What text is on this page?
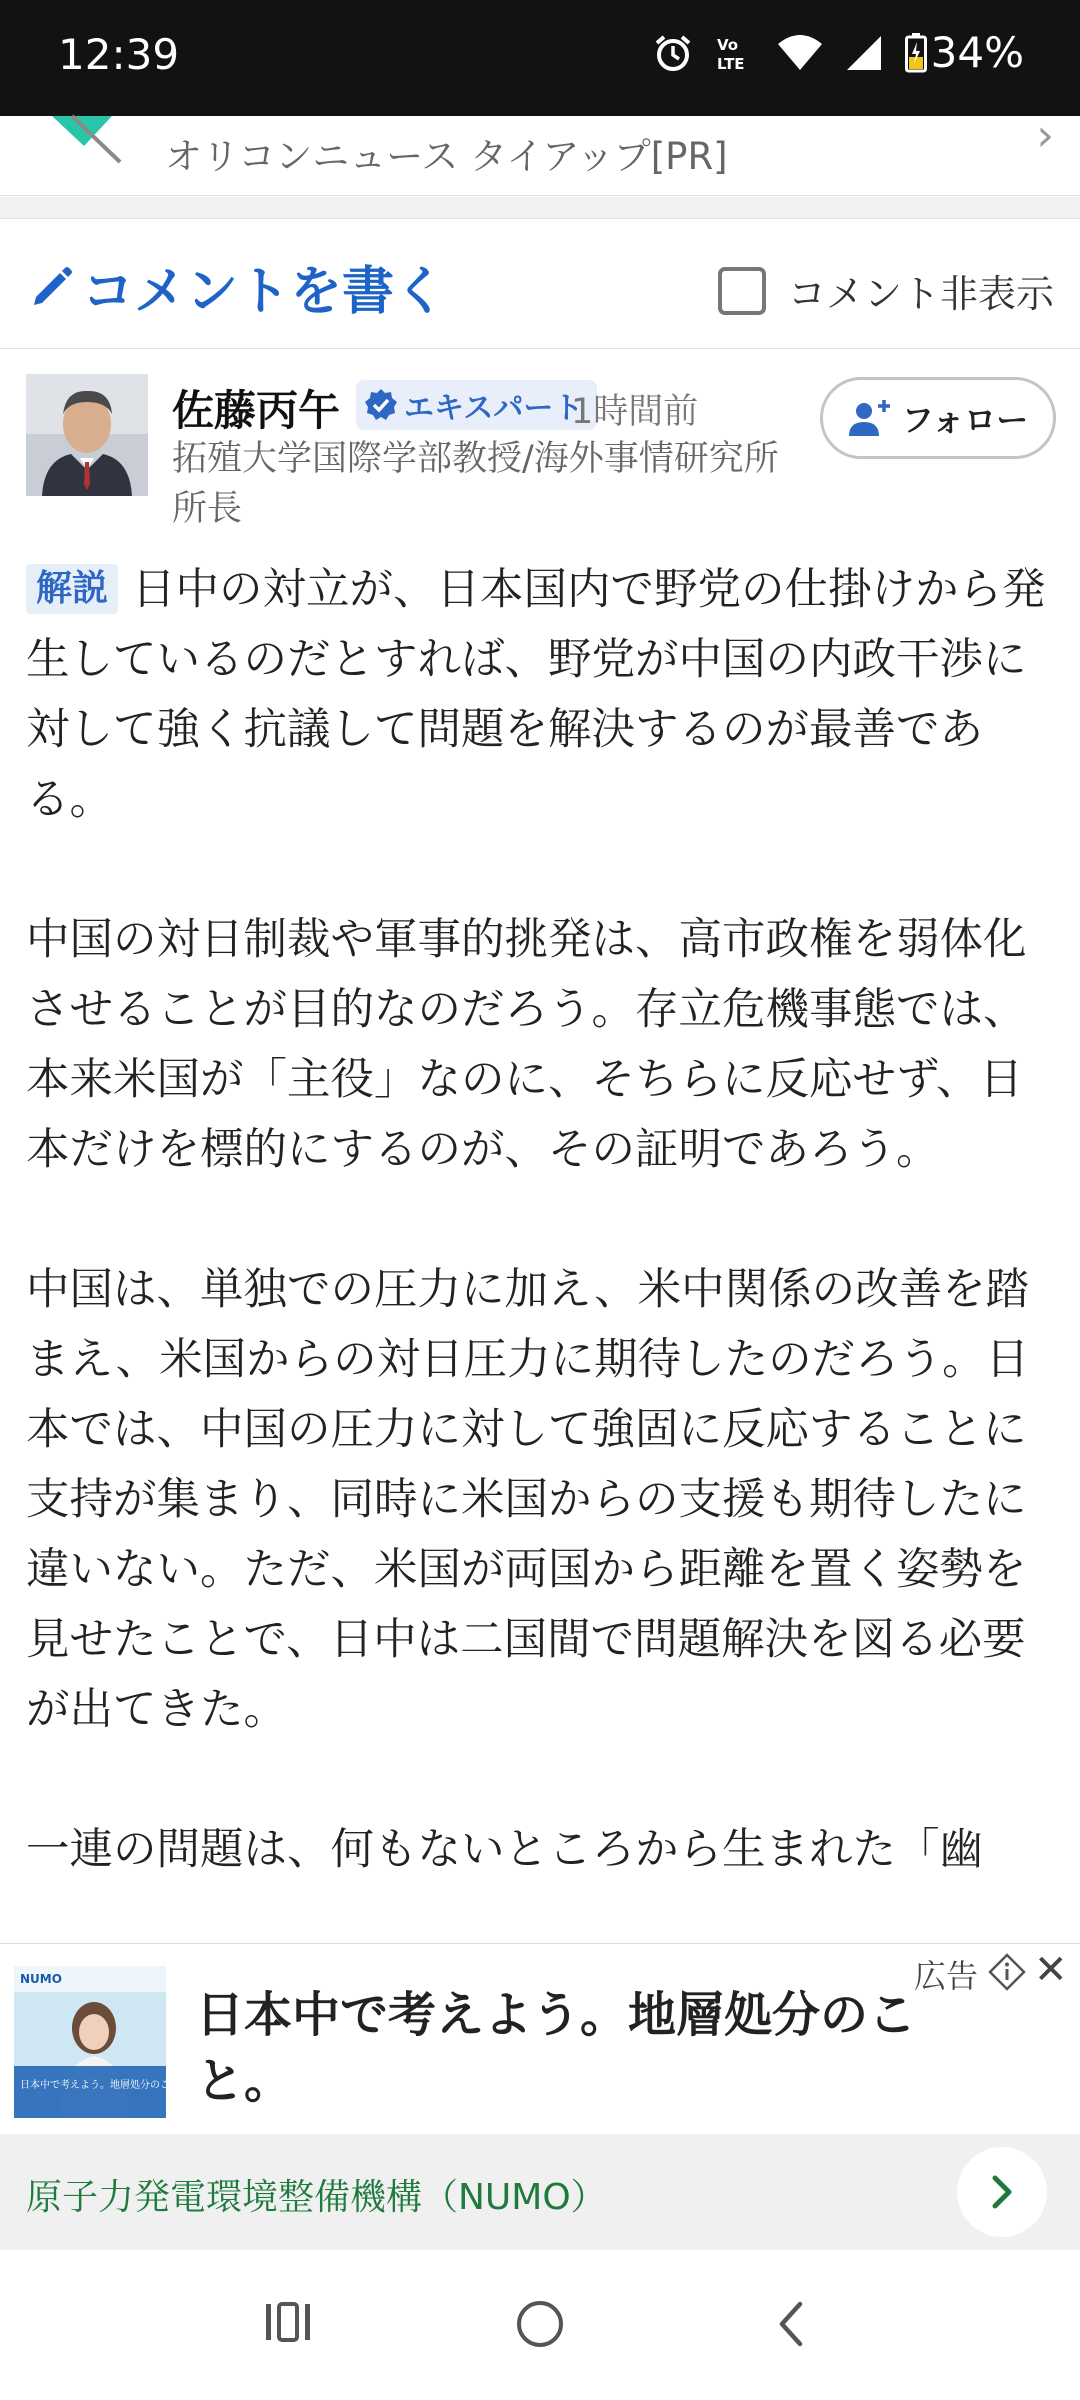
12:39	Vo
LTE	34%
オリコンニュース タイアップ[PR]	›
コメントを書く	コメント非表示
佐藤丙午 エキスパート
1時間前
拓殖大学国際学部教授/海外事情研究所所長
フォロー

解説 日中の対立が、日本国内で野党の仕掛けから発生しているのだとすれば、野党が中国の内政干渉に対して強く抗議して問題を解決するのが最善である。

中国の対日制裁や軍事的挑発は、高市政権を弱体化させることが目的なのだろう。存立危機事態では、本来米国が「主役」なのに、そちらに反応せず、日本だけを標的にするのが、その証明であろう。

中国は、単独での圧力に加え、米中関係の改善を踏まえ、米国からの対日圧力に期待したのだろう。日本では、中国の圧力に対して強固に反応することに支持が集まり、同時に米国からの支援も期待したに違いない。ただ、米国が両国から距離を置く姿勢を見せたことで、日中は二国間で問題解決を図る必要が出てきた。

一連の問題は、何もないところから生まれた「幽

NUMO
日本中で考えよう。地層処分のこと。
日本中で考えよう。地層処分のこと。
広告 ✕
原子力発電環境整備機構（NUMO）
